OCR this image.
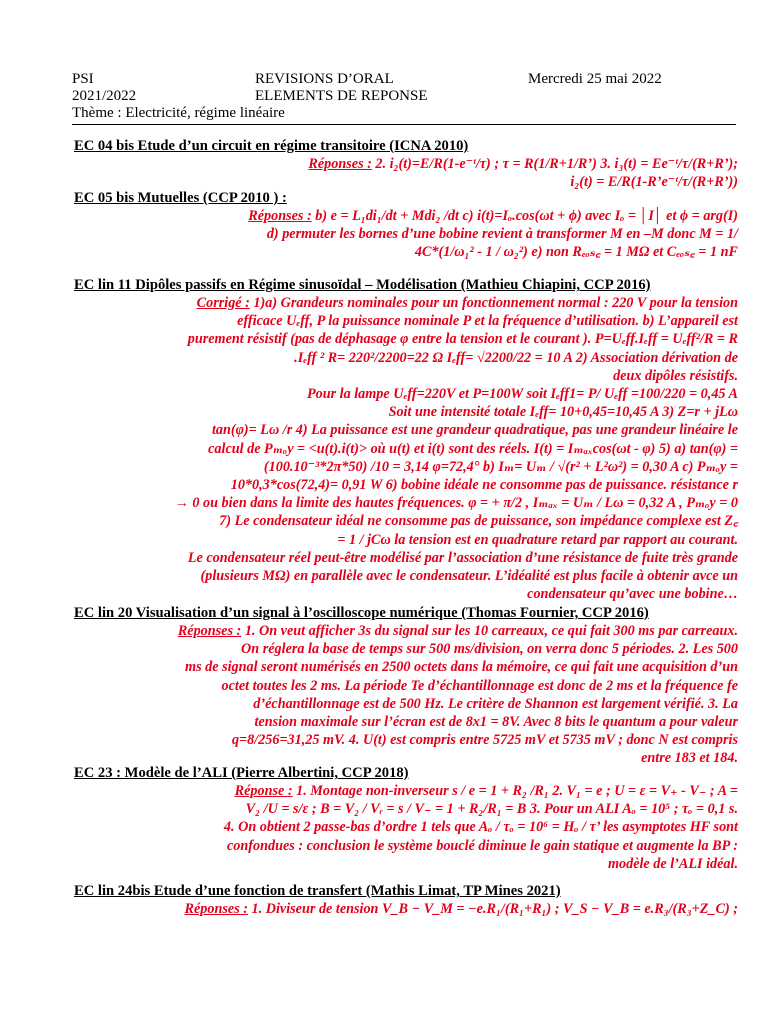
PSI
2021/2022
Thème : Electricité, régime linéaire
REVISIONS D’ORAL
ELEMENTS DE REPONSE
Mercredi 25 mai 2022
EC 04 bis Etude d’un circuit en régime transitoire (ICNA 2010)
Réponses : 2. i₂(t)=E/R(1-e⁻ᵗ/τ) ; τ = R(1/R+1/R’) 3. i₃(t) = Ee⁻ᵗ/τ/(R+R’);
i₂(t) = E/R(1-R’e⁻ᵗ/τ/(R+R’))
EC 05 bis Mutuelles (CCP 2010 ) :
Réponses : b) e = L₁di₁/dt + Mdi₂ /dt c) i(t)=Iₒ.cos(ωt + ϕ) avec Iₒ = │I│ et ϕ = arg(I)
d) permuter les bornes d’une bobine revient à transformer M en –M donc M = 1/
4C*(1/ω₁² - 1 / ω₂²) e) non Rₑₒₛ꜀ = 1 MΩ et Cₑₒₛ꜀ = 1 nF
EC lin 11 Dipôles passifs en Régime sinusoïdal – Modélisation (Mathieu Chiapini, CCP 2016)
Corrigé : 1)a) Grandeurs nominales pour un fonctionnement normal : 220 V pour la tension
efficace Uₑff, P la puissance nominale P et la fréquence d’utilisation. b) L’appareil est
purement résistif (pas de déphasage φ entre la tension et le courant ). P=Uₑff.Iₑff = Uₑff²/R = R
.Iₑff ² R= 220²/2200=22 Ω Iₑff= √2200/22 = 10 A 2) Association dérivation de
deux dipôles résistifs.
Pour la lampe Uₑff=220V et P=100W soit Iₑff1= P/ Uₑff =100/220 = 0,45 A
Soit une intensité totale Iₑff= 10+0,45=10,45 A 3) Z=r + jLω
tan(φ)= Lω /r 4) La puissance est une grandeur quadratique, pas une grandeur linéaire le
calcul de Pₘₒy = <u(t).i(t)> où u(t) et i(t) sont des réels. I(t) = Iₘₐₓcos(ωt - φ) 5) a) tan(φ) =
(100.10⁻³*2π*50) /10 = 3,14 φ=72,4° b) Iₘ= Uₘ / √(r² + L²ω²) = 0,30 A c) Pₘₒy =
10*0,3*cos(72,4)= 0,91 W 6) bobine idéale ne consomme pas de puissance. résistance r
→ 0 ou bien dans la limite des hautes fréquences. φ = + π/2 , Iₘₐₓ = Uₘ / Lω = 0,32 A , Pₘₒy = 0
7) Le condensateur idéal ne consomme pas de puissance, son impédance complexe est Z꜀
= 1 / jCω la tension est en quadrature retard par rapport au courant.
Le condensateur réel peut-être modélisé par l’association d’une résistance de fuite très grande
(plusieurs MΩ) en parallèle avec le condensateur. L’idéalité est plus facile à obtenir avce un
condensateur qu’avec une bobine…
EC lin 20 Visualisation d’un signal à l’oscilloscope numérique (Thomas Fournier, CCP 2016)
Réponses : 1. On veut afficher 3s du signal sur les 10 carreaux, ce qui fait 300 ms par carreaux.
On réglera la base de temps sur 500 ms/division, on verra donc 5 périodes. 2. Les 500
ms de signal seront numérisés en 2500 octets dans la mémoire, ce qui fait une acquisition d’un
octet toutes les 2 ms. La période Te d’échantillonnage est donc de 2 ms et la fréquence fe
d’échantillonnage est de 500 Hz. Le critère de Shannon est largement vérifié. 3. La
tension maximale sur l’écran est de 8x1 = 8V. Avec 8 bits le quantum a pour valeur
q=8/256=31,25 mV. 4. U(t) est compris entre 5725 mV et 5735 mV ; donc N est compris
entre 183 et 184.
EC 23 : Modèle de l’ALI (Pierre Albertini, CCP 2018)
Réponse : 1. Montage non-inverseur s / e = 1 + R₂ /R₁ 2. V₁ = e ; U = ε = V₊ - V₋ ; A =
V₂ /U = s/ε ; B = V₂ / Vᵣ = s / V₋ = 1 + R₂/R₁ = B 3. Pour un ALI Aₒ = 10⁵ ; τₒ = 0,1 s.
4. On obtient 2 passe-bas d’ordre 1 tels que Aₒ / τₒ = 10⁶ = Hₒ / τ’ les asymptotes HF sont
confondues : conclusion le système bouclé diminue le gain statique et augmente la BP :
modèle de l’ALI idéal.
EC lin 24bis Etude d’une fonction de transfert (Mathis Limat, TP Mines 2021)
Réponses : 1. Diviseur de tension V_B − V_M = −e.R₁/(R₁+R₁) ; V_S − V_B = e.R₃/(R₃+Z_C) ;
